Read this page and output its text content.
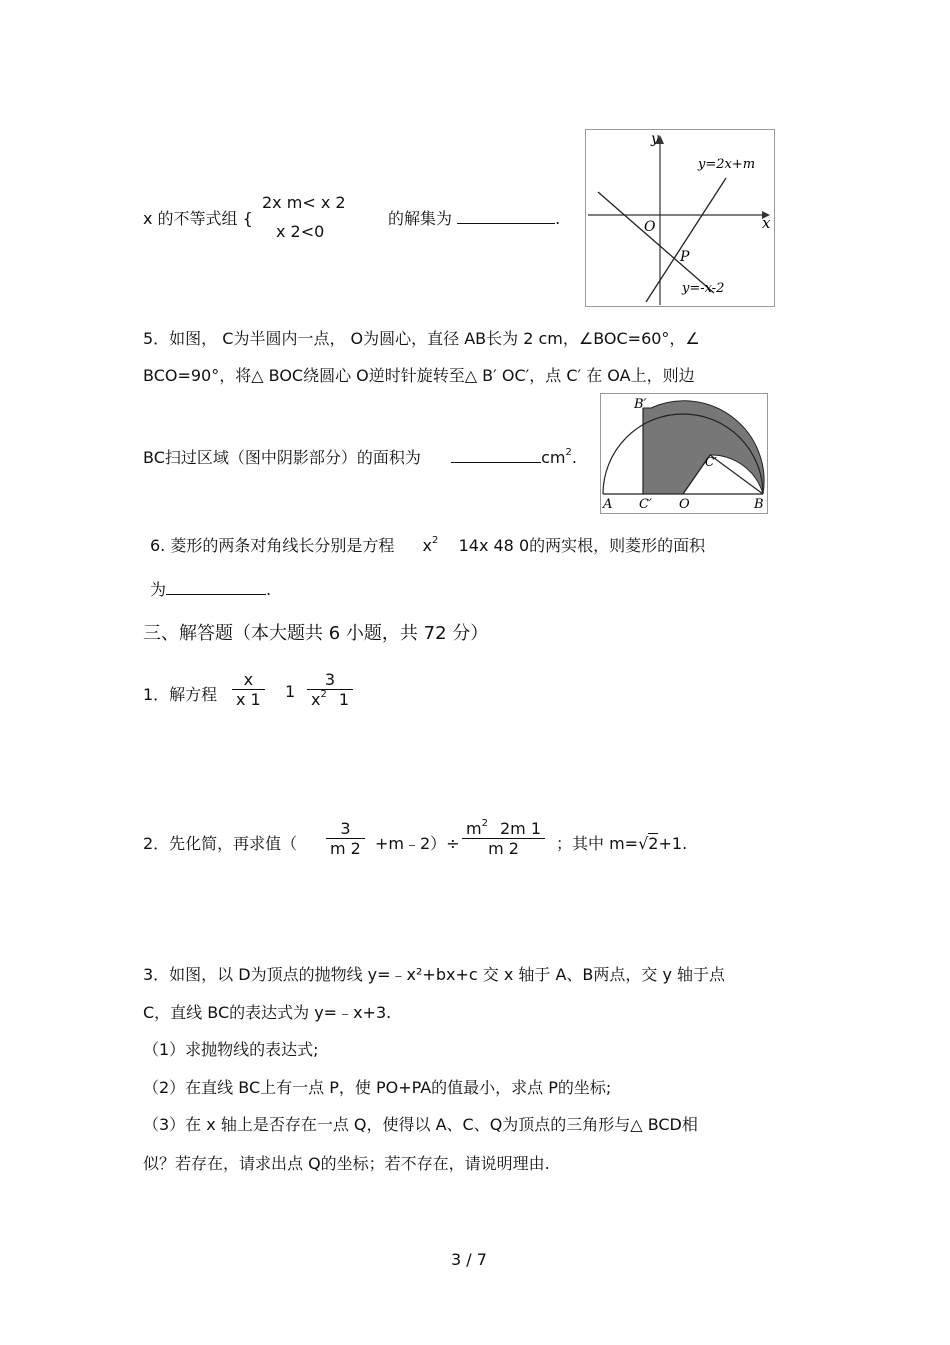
x 的不等式组 {
2x m< x 2
x 2<0
的解集为	.
y
x
O
P
y=2x+m
y=-x-2
5．如图， C为半圆内一点， O为圆心，直径 AB长为 2 cm，∠BOC=60°，∠
BCO=90°，将△ BOC绕圆心 O逆时针旋转至△ B′ OC′，点 C′ 在 OA上，则边
BC扫过区域（图中阴影部分）的面积为	$cm^2$.
B′
C′
A C′ O	B
6. 菱形的两条对角线长分别是方程 $x^2$ 14x 48 0的两实根，则菱形的面积
为	.
三、解答题（本大题共 6 小题，共 72 分）
1．解方程 $\frac{x}{x 1} 1 \frac{3}{x^2 1}$
2．先化简，再求值（ $\frac{3}{m 2}$ +m﹣2）÷ $\frac{m^2 2m 1}{m 2}$ ；其中 m=√2+1.
3．如图，以 D为顶点的抛物线 y=﹣x²+bx+c 交 x 轴于 A、B两点，交 y 轴于点
C，直线 BC的表达式为 y=﹣x+3.
（1）求抛物线的表达式;
（2）在直线 BC上有一点 P，使 PO+PA的值最小，求点 P的坐标;
（3）在 x 轴上是否存在一点 Q，使得以 A、C、Q为顶点的三角形与△ BCD相
似？若存在，请求出点 Q的坐标；若不存在，请说明理由.
3 / 7
